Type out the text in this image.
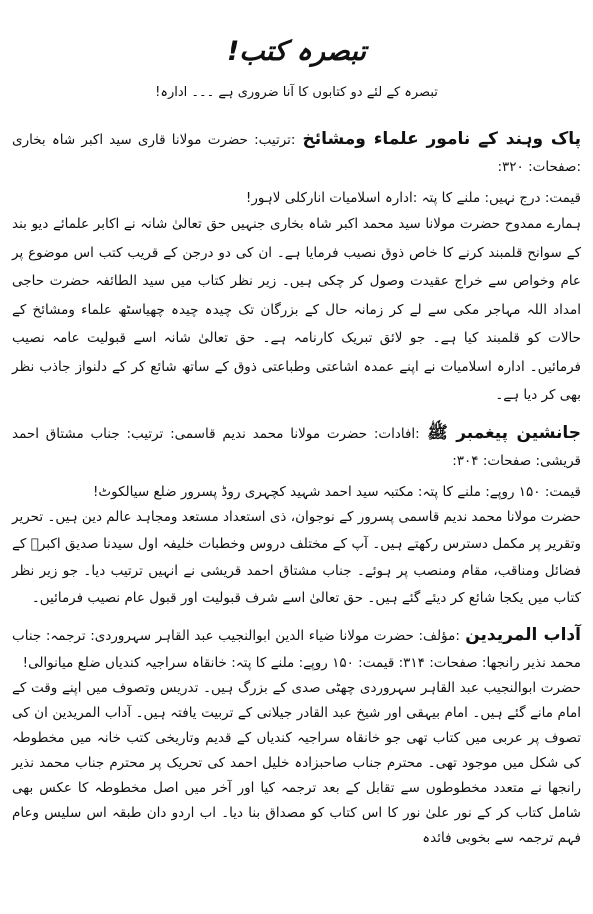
تبصرہ کتب!
تبصرہ کے لئے دو کتابوں کا آنا ضروری ہے ۔۔۔ ادارہ!
پاک وہند کے نامور علماء ومشائخ :ترتیب: حضرت مولانا قاری سید اکبر شاہ بخاری :صفحات: ۳۲۰:
قیمت: درج نہیں: ملنے کا پتہ :ادارہ اسلامیات انارکلی لاہور!

ہمارے ممدوح حضرت مولانا سید محمد اکبر شاہ بخاری جنہیں حق تعالیٰ شانہ نے اکابر علمائے دیو بند کے سوانح قلمبند کرنے کا خاص ذوق نصیب فرمایا ہے۔ ان کی دو درجن کے قریب کتب اس موضوع پر عام وخواص سے خراج عقیدت وصول کر چکی ہیں۔ زیر نظر کتاب میں سید الطائفہ حضرت حاجی امداد اللہ مہاجر مکی سے لے کر زمانہ حال کے بزرگان تک چیدہ چیدہ چھیاسٹھ علماء ومشائخ کے حالات کو قلمبند کیا ہے۔ جو لائق تبریک کارنامہ ہے۔ حق تعالیٰ شانہ اسے قبولیت عامہ نصیب فرمائیں۔ ادارہ اسلامیات نے اپنے عمدہ اشاعتی وطباعتی ذوق کے ساتھ شائع کر کے دلنواز جاذب نظر بھی کر دیا ہے۔

جانشین پیغمبر ﷺ :افادات: حضرت مولانا محمد ندیم قاسمی: ترتیب: جناب مشتاق احمد قریشی: صفحات: ۳۰۴:
قیمت: ۱۵۰ روپے: ملنے کا پتہ: مکتبہ سید احمد شہید کچہری روڈ پسرور ضلع سیالکوٹ!

حضرت مولانا محمد ندیم قاسمی پسرور کے نوجوان، ذی استعداد مستعد ومجاہد عالم دین ہیں۔ تحریر وتقریر پر مکمل دسترس رکھتے ہیں۔ آپ کے مختلف دروس وخطبات خلیفہ اول سیدنا صدیق اکبرؓ کے فضائل ومناقب، مقام ومنصب پر ہوئے۔ جناب مشتاق احمد قریشی نے انہیں ترتیب دیا۔ جو زیر نظر کتاب میں یکجا شائع کر دیئے گئے ہیں۔ حق تعالیٰ اسے شرف قبولیت اور قبول عام نصیب فرمائیں۔

آداب المریدین :مؤلف: حضرت مولانا ضیاء الدین ابوالنجیب عبد القاہر سہروردی: ترجمہ: جناب محمد نذیر رانجھا: صفحات: ۳۱۴: قیمت: ۱۵۰ روپے: ملنے کا پتہ: خانقاہ سراجیہ کندیاں ضلع میانوالی!

حضرت ابوالنجیب عبد القاہر سہروردی چھٹی صدی کے بزرگ ہیں۔ تدریس وتصوف میں اپنے وقت کے امام مانے گئے ہیں۔ امام بیہقی اور شیخ عبد القادر جیلانی کے تربیت یافتہ ہیں۔ آداب المریدین ان کی تصوف پر عربی میں کتاب تھی جو خانقاہ سراجیہ کندیاں کے قدیم وتاریخی کتب خانہ میں مخطوطہ کی شکل میں موجود تھی۔ محترم جناب صاحبزادہ خلیل احمد کی تحریک پر محترم جناب محمد نذیر رانجھا نے متعدد مخطوطوں سے تقابل کے بعد ترجمہ کیا اور آخر میں اصل مخطوطہ کا عکس بھی شامل کتاب کر کے نور علیٰ نور کا اس کتاب کو مصداق بنا دیا۔ اب اردو دان طبقہ اس سلیس وعام فہم ترجمہ سے بخوبی فائدہ
